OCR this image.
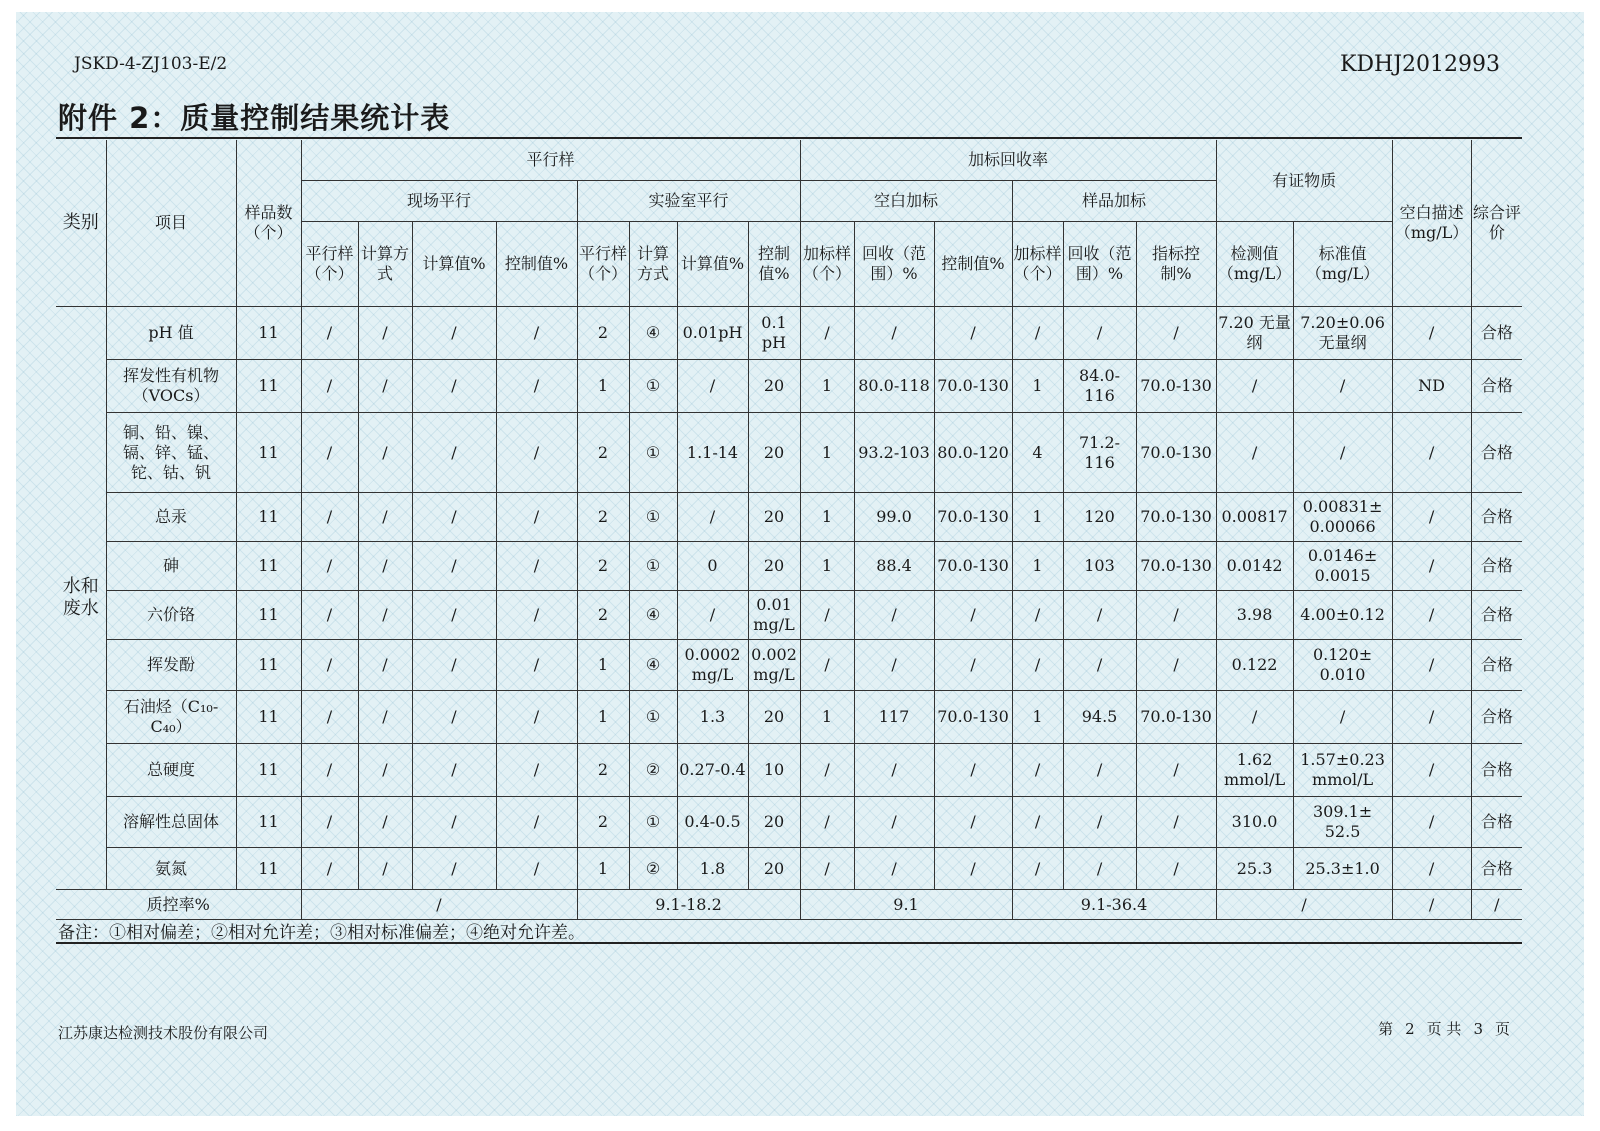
JSKD-4-ZJ103-E/2	KDHJ2012993
附件 2：质量控制结果统计表
类别	项目	样品数（个）	平行样								加标回收率						有证物质		空白描述（mg/L）	综合评价
			现场平行				实验室平行				空白加标			样品加标						
			平行样（个）	计算方式	计算值%	控制值%	平行样（个）	计算方式	计算值%	控制值%	加标样（个）	回收（范围）%	控制值%	加标样（个）	回收（范围）%	指标控制%	检测值（mg/L）	标准值（mg/L）		
水和废水	pH 值	11	/	/	/	/	2	④	0.01pH	0.1 pH	/	/	/	/	/	/	7.20 无量纲	7.20±0.06 无量纲	/	合格
	挥发性有机物（VOCs）	11	/	/	/	/	1	①	/	20	1	80.0-118	70.0-130	1	84.0-116	70.0-130	/	/	ND	合格
	铜、铅、镍、镉、锌、锰、铊、钴、钒	11	/	/	/	/	2	①	1.1-14	20	1	93.2-103	80.0-120	4	71.2-116	70.0-130	/	/	/	合格
	总汞	11	/	/	/	/	2	①	/	20	1	99.0	70.0-130	1	120	70.0-130	0.00817	0.00831± 0.00066	/	合格
	砷	11	/	/	/	/	2	①	0	20	1	88.4	70.0-130	1	103	70.0-130	0.0142	0.0146± 0.0015	/	合格
	六价铬	11	/	/	/	/	2	④	/	0.01 mg/L	/	/	/	/	/	/	3.98	4.00±0.12	/	合格
	挥发酚	11	/	/	/	/	1	④	0.0002 mg/L	0.002 mg/L	/	/	/	/	/	/	0.122	0.120± 0.010	/	合格
	石油烃（C₁₀-C₄₀）	11	/	/	/	/	1	①	1.3	20	1	117	70.0-130	1	94.5	70.0-130	/	/	/	合格
	总硬度	11	/	/	/	/	2	②	0.27-0.4	10	/	/	/	/	/	/	1.62 mmol/L	1.57±0.23 mmol/L	/	合格
	溶解性总固体	11	/	/	/	/	2	①	0.4-0.5	20	/	/	/	/	/	/	310.0	309.1± 52.5	/	合格
	氨氮	11	/	/	/	/	1	②	1.8	20	/	/	/	/	/	/	25.3	25.3±1.0	/	合格
质控率%			/				9.1-18.2				9.1			9.1-36.4			/		/	/
备注：①相对偏差；②相对允许差；③相对标准偏差；④绝对允许差。
江苏康达检测技术股份有限公司	第 2 页 共 3 页
